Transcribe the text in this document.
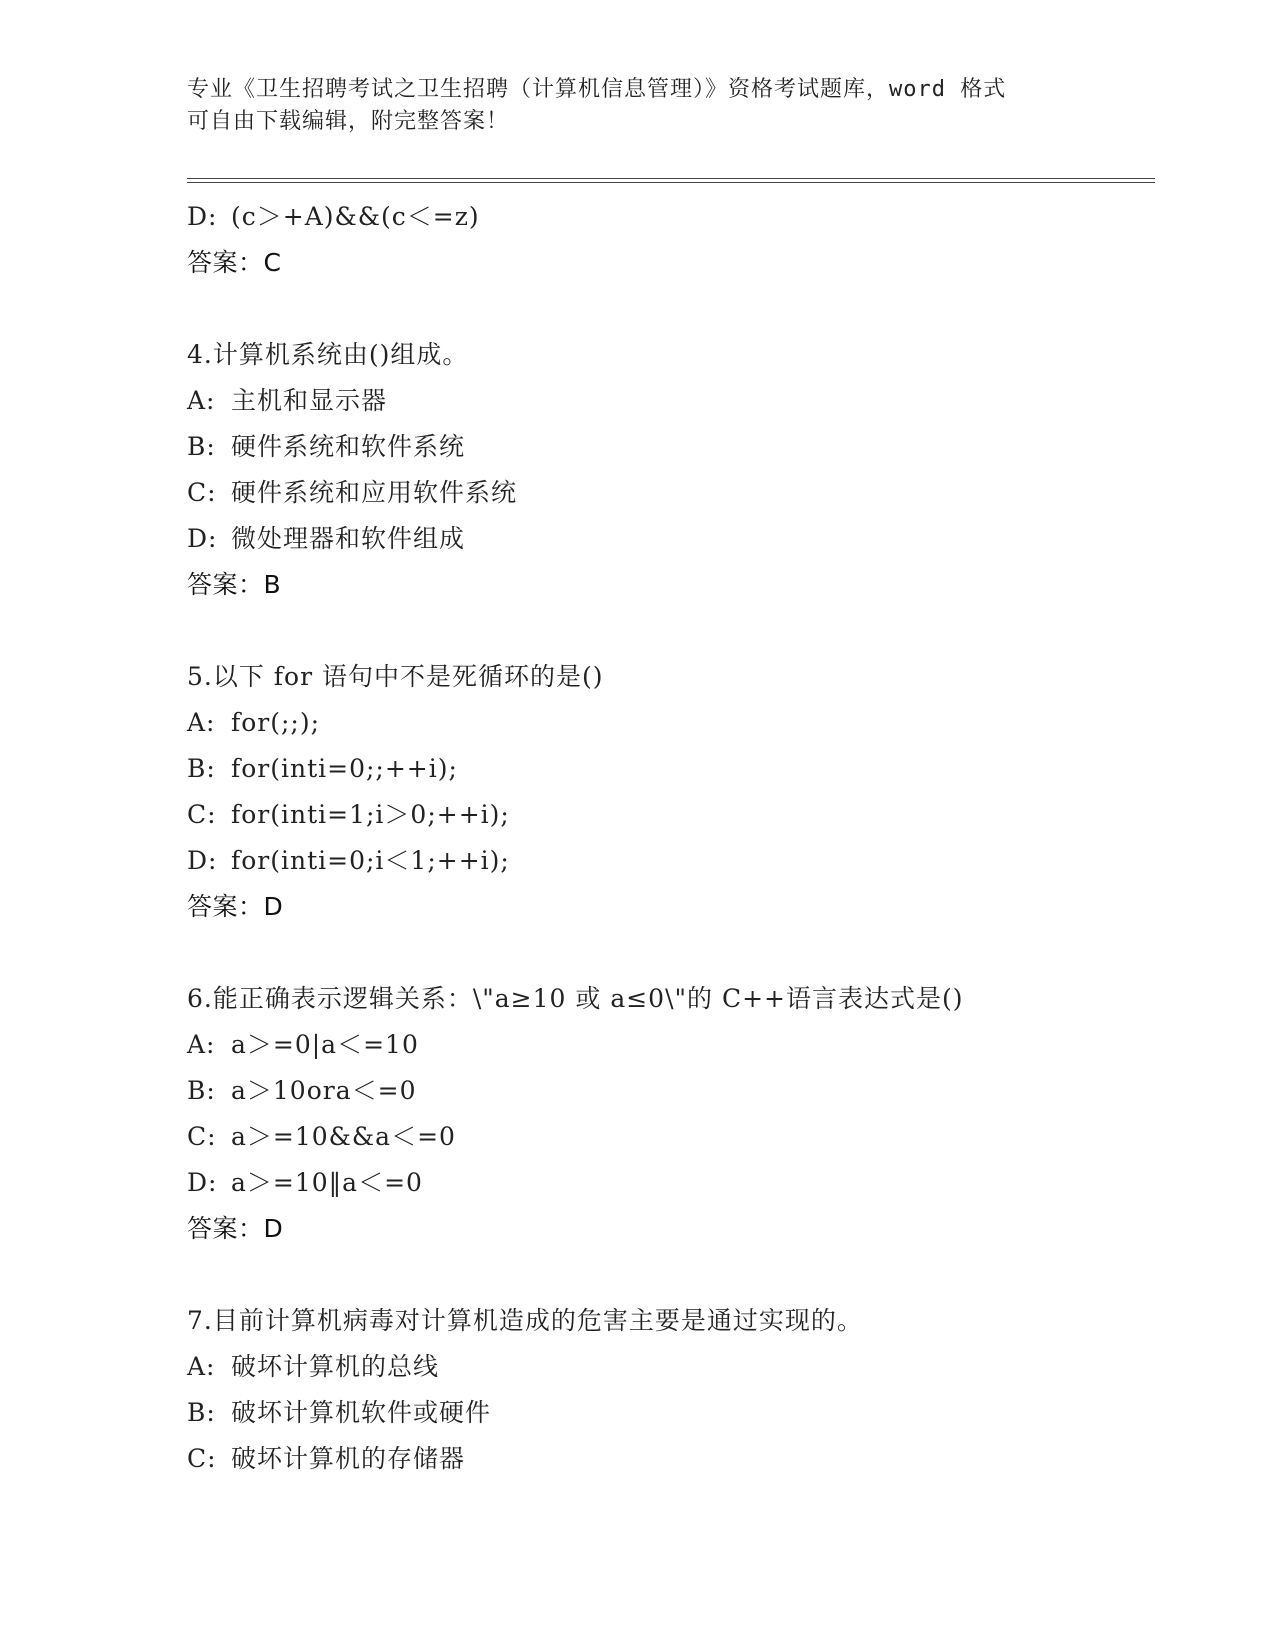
专业《卫生招聘考试之卫生招聘（计算机信息管理）》资格考试题库，word 格式
可自由下载编辑，附完整答案！
D: (c＞+A)&&(c＜=z)
答案：C
4.计算机系统由()组成。
A: 主机和显示器
B: 硬件系统和软件系统
C: 硬件系统和应用软件系统
D: 微处理器和软件组成
答案：B
5.以下 for 语句中不是死循环的是()
A: for(;;);
B: for(inti=0;;++i);
C: for(inti=1;i＞0;++i);
D: for(inti=0;i＜1;++i);
答案：D
6.能正确表示逻辑关系：\"a≥10 或 a≤0\"的 C++语言表达式是()
A: a＞=0|a＜=10
B: a＞10ora＜=0
C: a＞=10&&a＜=0
D: a＞=10‖a＜=0
答案：D
7.目前计算机病毒对计算机造成的危害主要是通过实现的。
A: 破坏计算机的总线
B: 破坏计算机软件或硬件
C: 破坏计算机的存储器
